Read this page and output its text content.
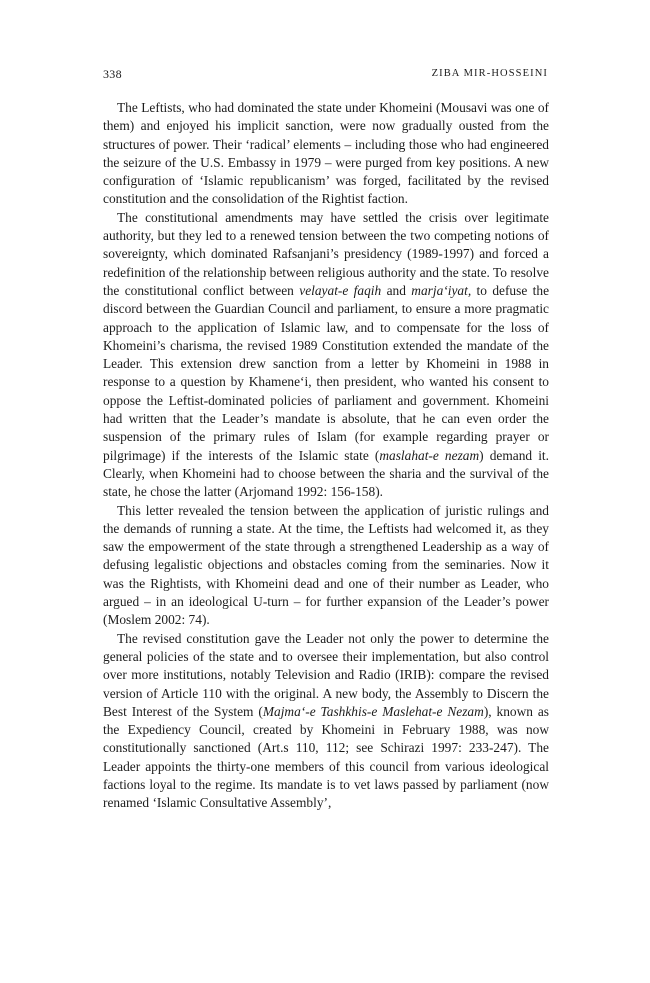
338	ZIBA MIR-HOSSEINI

The Leftists, who had dominated the state under Khomeini (Mousavi was one of them) and enjoyed his implicit sanction, were now gradually ousted from the structures of power. Their ‘radical’ elements – including those who had engineered the seizure of the U.S. Embassy in 1979 – were purged from key positions. A new configuration of ‘Islamic republicanism’ was forged, facilitated by the revised constitution and the consolidation of the Rightist faction.

The constitutional amendments may have settled the crisis over legitimate authority, but they led to a renewed tension between the two competing notions of sovereignty, which dominated Rafsanjani’s presidency (1989-1997) and forced a redefinition of the relationship between religious authority and the state. To resolve the constitutional conflict between velayat-e faqih and marja‘iyat, to defuse the discord between the Guardian Council and parliament, to ensure a more pragmatic approach to the application of Islamic law, and to compensate for the loss of Khomeini’s charisma, the revised 1989 Constitution extended the mandate of the Leader. This extension drew sanction from a letter by Khomeini in 1988 in response to a question by Khamene‘i, then president, who wanted his consent to oppose the Leftist-dominated policies of parliament and government. Khomeini had written that the Leader’s mandate is absolute, that he can even order the suspension of the primary rules of Islam (for example regarding prayer or pilgrimage) if the interests of the Islamic state (maslahat-e nezam) demand it. Clearly, when Khomeini had to choose between the sharia and the survival of the state, he chose the latter (Arjomand 1992: 156-158).

This letter revealed the tension between the application of juristic rulings and the demands of running a state. At the time, the Leftists had welcomed it, as they saw the empowerment of the state through a strengthened Leadership as a way of defusing legalistic objections and obstacles coming from the seminaries. Now it was the Rightists, with Khomeini dead and one of their number as Leader, who argued – in an ideological U-turn – for further expansion of the Leader’s power (Moslem 2002: 74).

The revised constitution gave the Leader not only the power to determine the general policies of the state and to oversee their implementation, but also control over more institutions, notably Television and Radio (IRIB): compare the revised version of Article 110 with the original. A new body, the Assembly to Discern the Best Interest of the System (Majma‘-e Tashkhis-e Maslehat-e Nezam), known as the Expediency Council, created by Khomeini in February 1988, was now constitutionally sanctioned (Art.s 110, 112; see Schirazi 1997: 233-247). The Leader appoints the thirty-one members of this council from various ideological factions loyal to the regime. Its mandate is to vet laws passed by parliament (now renamed ‘Islamic Consultative Assembly’,
